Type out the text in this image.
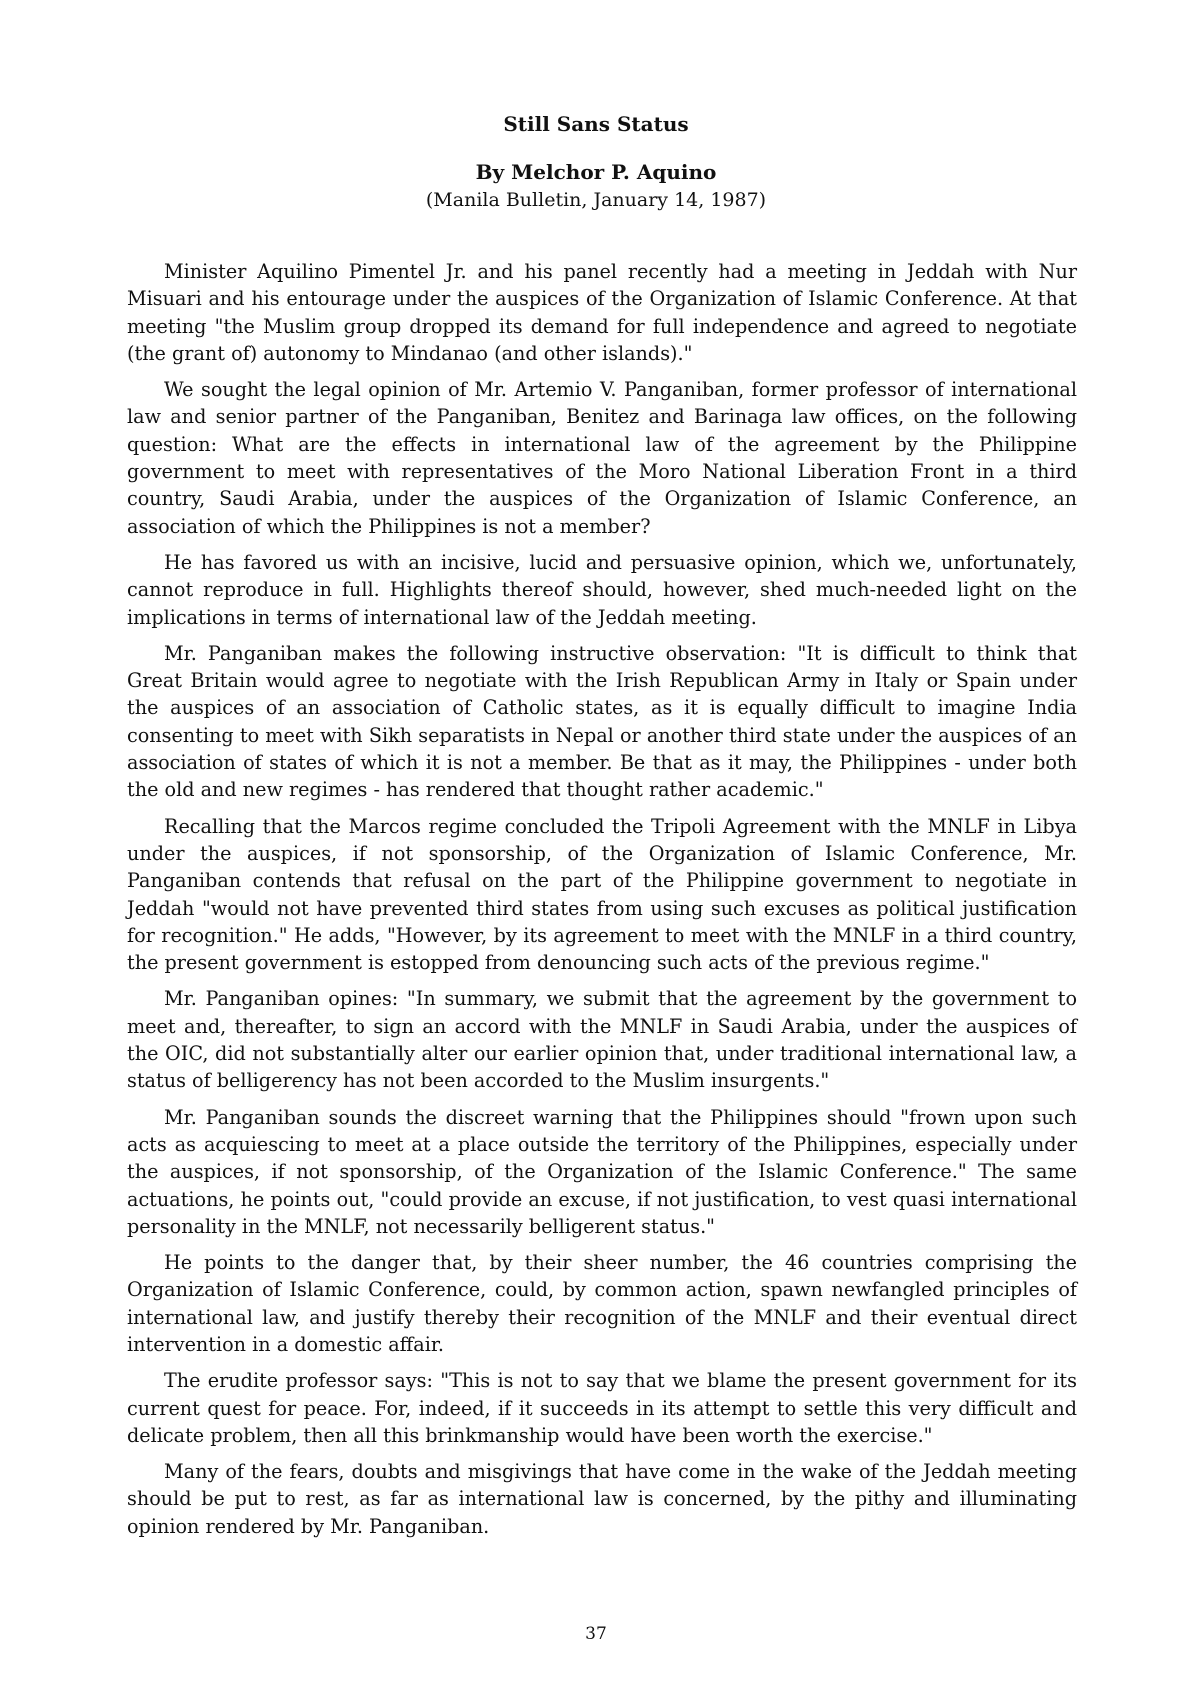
Still Sans Status
By Melchor P. Aquino
(Manila Bulletin, January 14, 1987)

Minister Aquilino Pimentel Jr. and his panel recently had a meeting in Jeddah with Nur Misuari and his entourage under the auspices of the Organization of Islamic Conference. At that meeting "the Muslim group dropped its demand for full independence and agreed to negotiate (the grant of) autonomy to Mindanao (and other islands)."

We sought the legal opinion of Mr. Artemio V. Panganiban, former professor of international law and senior partner of the Panganiban, Benitez and Barinaga law offices, on the following question: What are the effects in international law of the agreement by the Philippine government to meet with representatives of the Moro National Liberation Front in a third country, Saudi Arabia, under the auspices of the Organization of Islamic Conference, an association of which the Philippines is not a member?

He has favored us with an incisive, lucid and persuasive opinion, which we, unfortunately, cannot reproduce in full. Highlights thereof should, however, shed much-needed light on the implications in terms of international law of the Jeddah meeting.

Mr. Panganiban makes the following instructive observation: "It is difficult to think that Great Britain would agree to negotiate with the Irish Republican Army in Italy or Spain under the auspices of an association of Catholic states, as it is equally difficult to imagine India consenting to meet with Sikh separatists in Nepal or another third state under the auspices of an association of states of which it is not a member. Be that as it may, the Philippines - under both the old and new regimes - has rendered that thought rather academic."

Recalling that the Marcos regime concluded the Tripoli Agreement with the MNLF in Libya under the auspices, if not sponsorship, of the Organization of Islamic Conference, Mr. Panganiban contends that refusal on the part of the Philippine government to negotiate in Jeddah "would not have prevented third states from using such excuses as political justification for recognition." He adds, "However, by its agreement to meet with the MNLF in a third country, the present government is estopped from denouncing such acts of the previous regime."

Mr. Panganiban opines: "In summary, we submit that the agreement by the government to meet and, thereafter, to sign an accord with the MNLF in Saudi Arabia, under the auspices of the OIC, did not substantially alter our earlier opinion that, under traditional international law, a status of belligerency has not been accorded to the Muslim insurgents."

Mr. Panganiban sounds the discreet warning that the Philippines should "frown upon such acts as acquiescing to meet at a place outside the territory of the Philippines, especially under the auspices, if not sponsorship, of the Organization of the Islamic Conference." The same actuations, he points out, "could provide an excuse, if not justification, to vest quasi international personality in the MNLF, not necessarily belligerent status."

He points to the danger that, by their sheer number, the 46 countries comprising the Organization of Islamic Conference, could, by common action, spawn newfangled principles of international law, and justify thereby their recognition of the MNLF and their eventual direct intervention in a domestic affair.

The erudite professor says: "This is not to say that we blame the present government for its current quest for peace. For, indeed, if it succeeds in its attempt to settle this very difficult and delicate problem, then all this brinkmanship would have been worth the exercise."

Many of the fears, doubts and misgivings that have come in the wake of the Jeddah meeting should be put to rest, as far as international law is concerned, by the pithy and illuminating opinion rendered by Mr. Panganiban.

37
